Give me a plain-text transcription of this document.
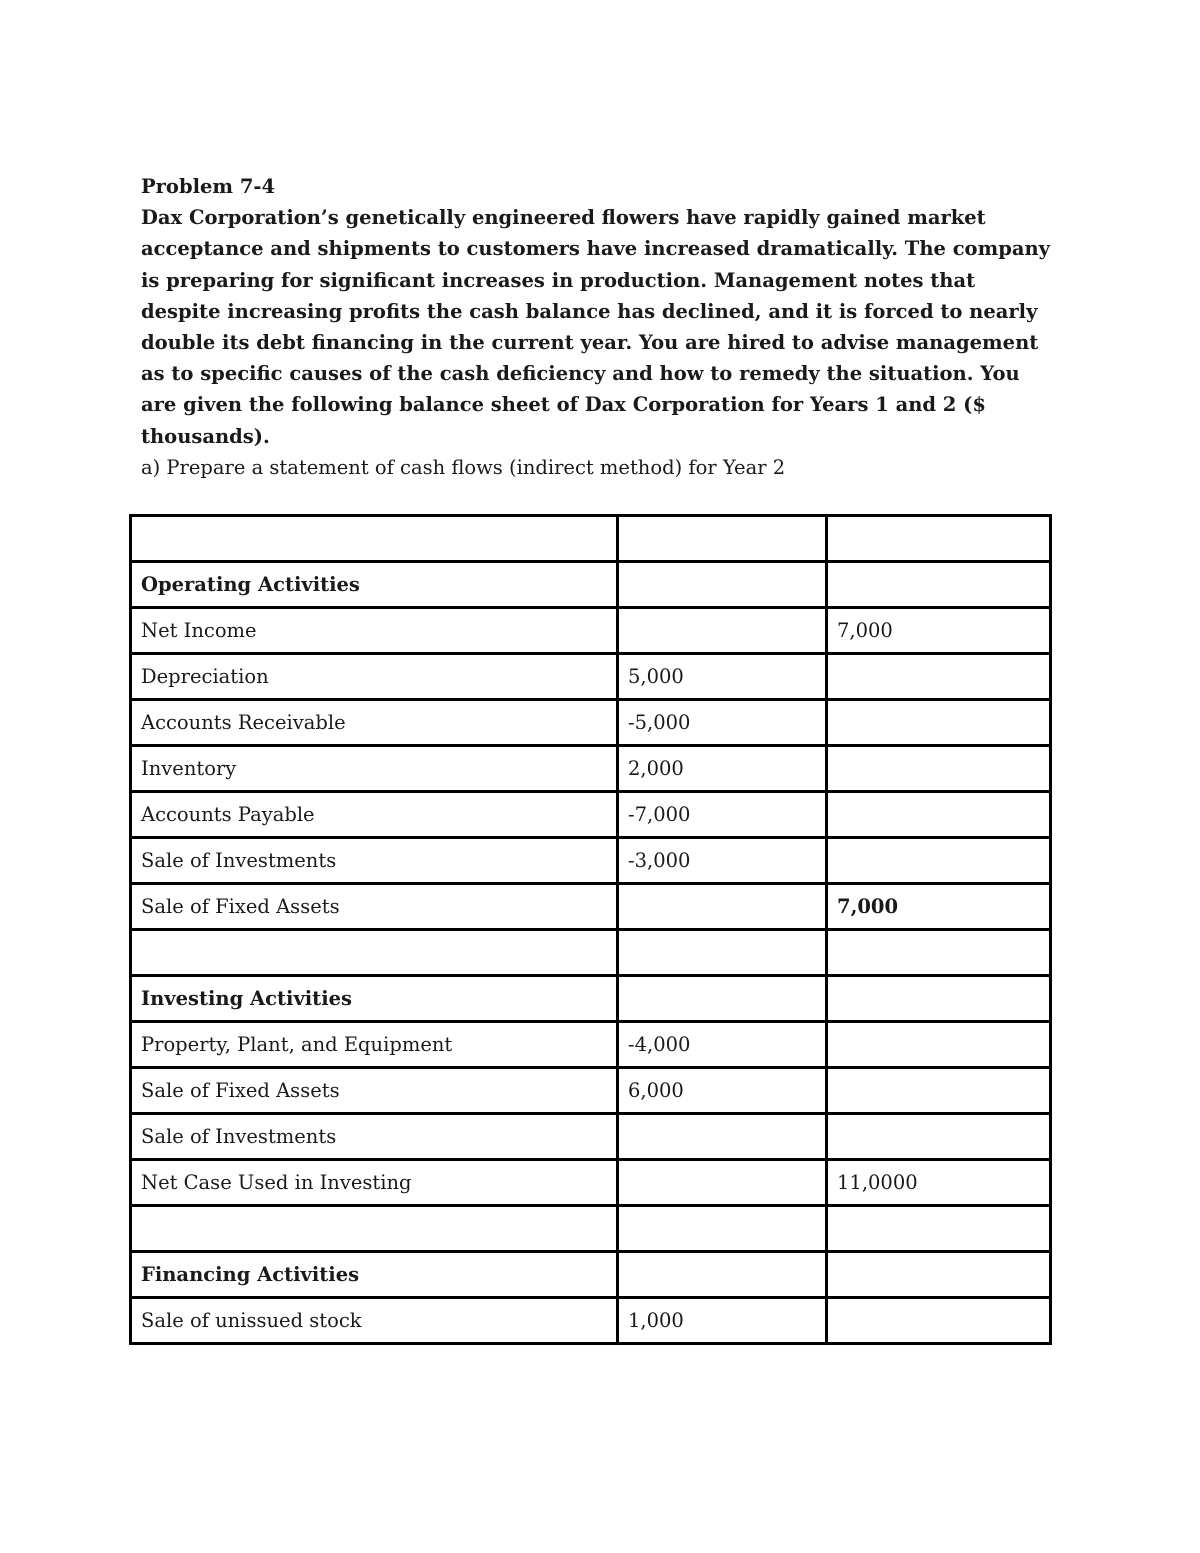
Problem 7-4

Dax Corporation’s genetically engineered flowers have rapidly gained market acceptance and shipments to customers have increased dramatically. The company is preparing for significant increases in production. Management notes that despite increasing profits the cash balance has declined, and it is forced to nearly double its debt financing in the current year. You are hired to advise management as to specific causes of the cash deficiency and how to remedy the situation. You are given the following balance sheet of Dax Corporation for Years 1 and 2 ($ thousands).

a) Prepare a statement of cash flows (indirect method) for Year 2

Operating Activities		
Net Income		7,000
Depreciation	5,000	
Accounts Receivable	-5,000	
Inventory	2,000	
Accounts Payable	-7,000	
Sale of Investments	-3,000	
Sale of Fixed Assets		7,000

Investing Activities		
Property, Plant, and Equipment	-4,000	
Sale of Fixed Assets	6,000	
Sale of Investments		
Net Case Used in Investing		11,0000

Financing Activities		
Sale of unissued stock	1,000	
